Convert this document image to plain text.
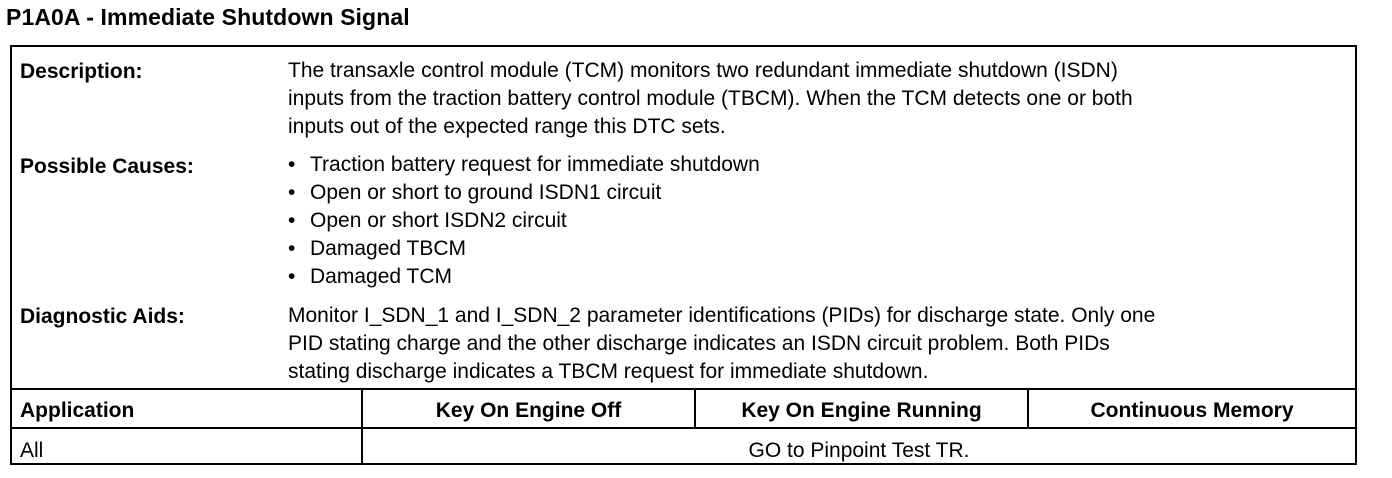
P1A0A - Immediate Shutdown Signal
Description:	The transaxle control module (TCM) monitors two redundant immediate shutdown (ISDN)
inputs from the traction battery control module (TBCM). When the TCM detects one or both
inputs out of the expected range this DTC sets.
Possible Causes:	• Traction battery request for immediate shutdown
• Open or short to ground ISDN1 circuit
• Open or short ISDN2 circuit
• Damaged TBCM
• Damaged TCM
Diagnostic Aids:	Monitor I_SDN_1 and I_SDN_2 parameter identifications (PIDs) for discharge state. Only one
PID stating charge and the other discharge indicates an ISDN circuit problem. Both PIDs
stating discharge indicates a TBCM request for immediate shutdown.
Application	Key On Engine Off	Key On Engine Running	Continuous Memory
All	GO to Pinpoint Test TR.
